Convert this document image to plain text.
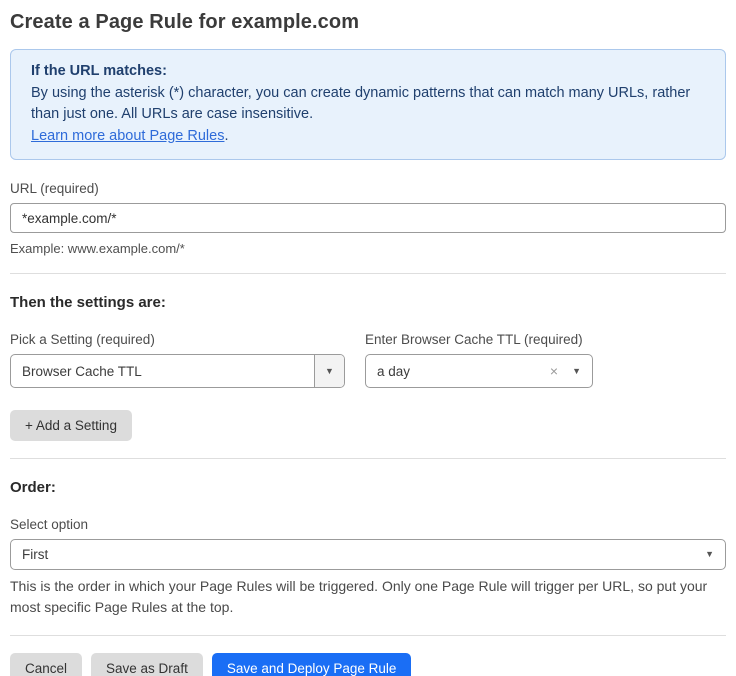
Create a Page Rule for example.com
If the URL matches:
By using the asterisk (*) character, you can create dynamic patterns that can match many URLs, rather than just one. All URLs are case insensitive.
Learn more about Page Rules.
URL (required)
*example.com/*
Example: www.example.com/*
Then the settings are:
Pick a Setting (required)
Browser Cache TTL	▼
Enter Browser Cache TTL (required)
a day	× ▼
+ Add a Setting
Order:
Select option
First	▼
This is the order in which your Page Rules will be triggered. Only one Page Rule will trigger per URL, so put your most specific Page Rules at the top.
Cancel	Save as Draft	Save and Deploy Page Rule
